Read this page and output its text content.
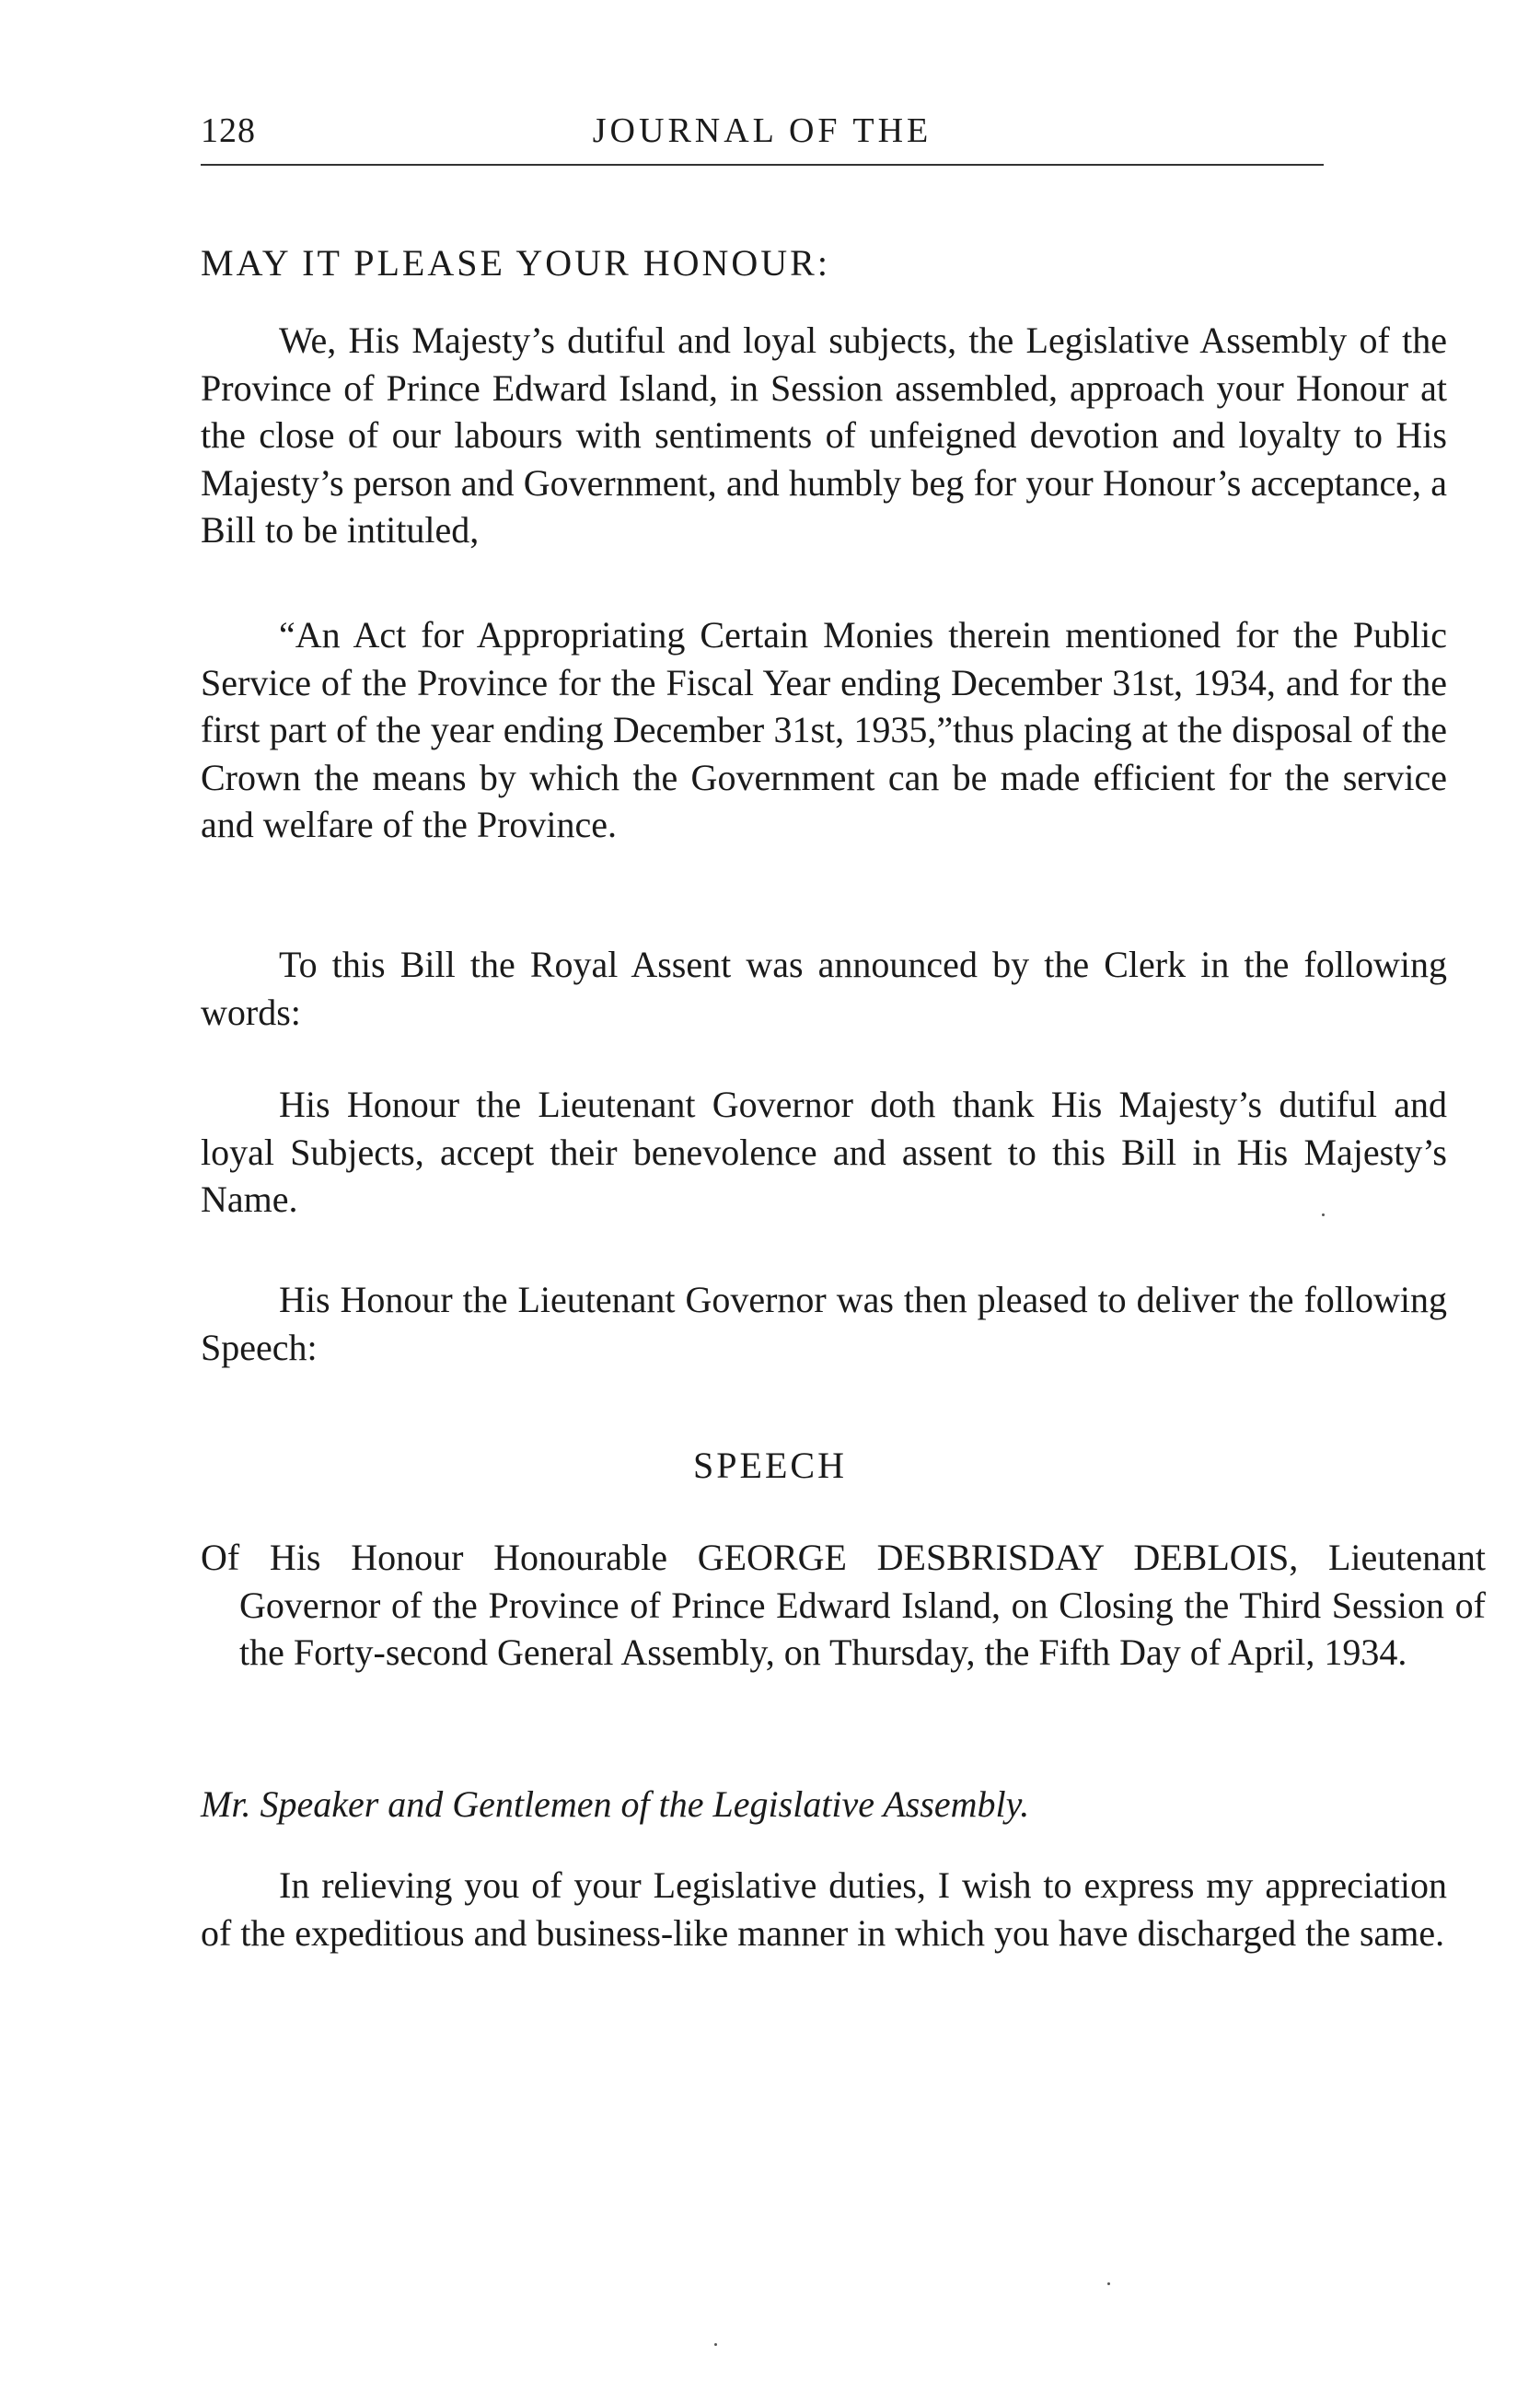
JOURNAL OF THE
128
MAY IT PLEASE YOUR HONOUR:
We, His Majesty’s dutiful and loyal subjects, the Legislative Assembly of the Province of Prince Edward Island, in Session assembled, approach your Honour at the close of our labours with sentiments of unfeigned devotion and loyalty to His Majesty’s person and Government, and humbly beg for your Honour’s acceptance, a Bill to be intituled,
“An Act for Appropriating Certain Monies therein mentioned for the Public Service of the Province for the Fiscal Year ending December 31st, 1934, and for the first part of the year ending December 31st, 1935,”thus placing at the disposal of the Crown the means by which the Government can be made efficient for the service and welfare of the Province.
To this Bill the Royal Assent was announced by the Clerk in the following words:
His Honour the Lieutenant Governor doth thank His Majesty’s dutiful and loyal Subjects, accept their benevolence and assent to this Bill in His Majesty’s Name.
His Honour the Lieutenant Governor was then pleased to deliver the following Speech:
SPEECH
Of His Honour Honourable GEORGE DESBRISDAY DEBLOIS, Lieutenant Governor of the Province of Prince Edward Island, on Closing the Third Session of the Forty-second General Assembly, on Thursday, the Fifth Day of April, 1934.
Mr. Speaker and Gentlemen of the Legislative Assembly.
In relieving you of your Legislative duties, I wish to express my appreciation of the expeditious and business-like manner in which you have discharged the same.
